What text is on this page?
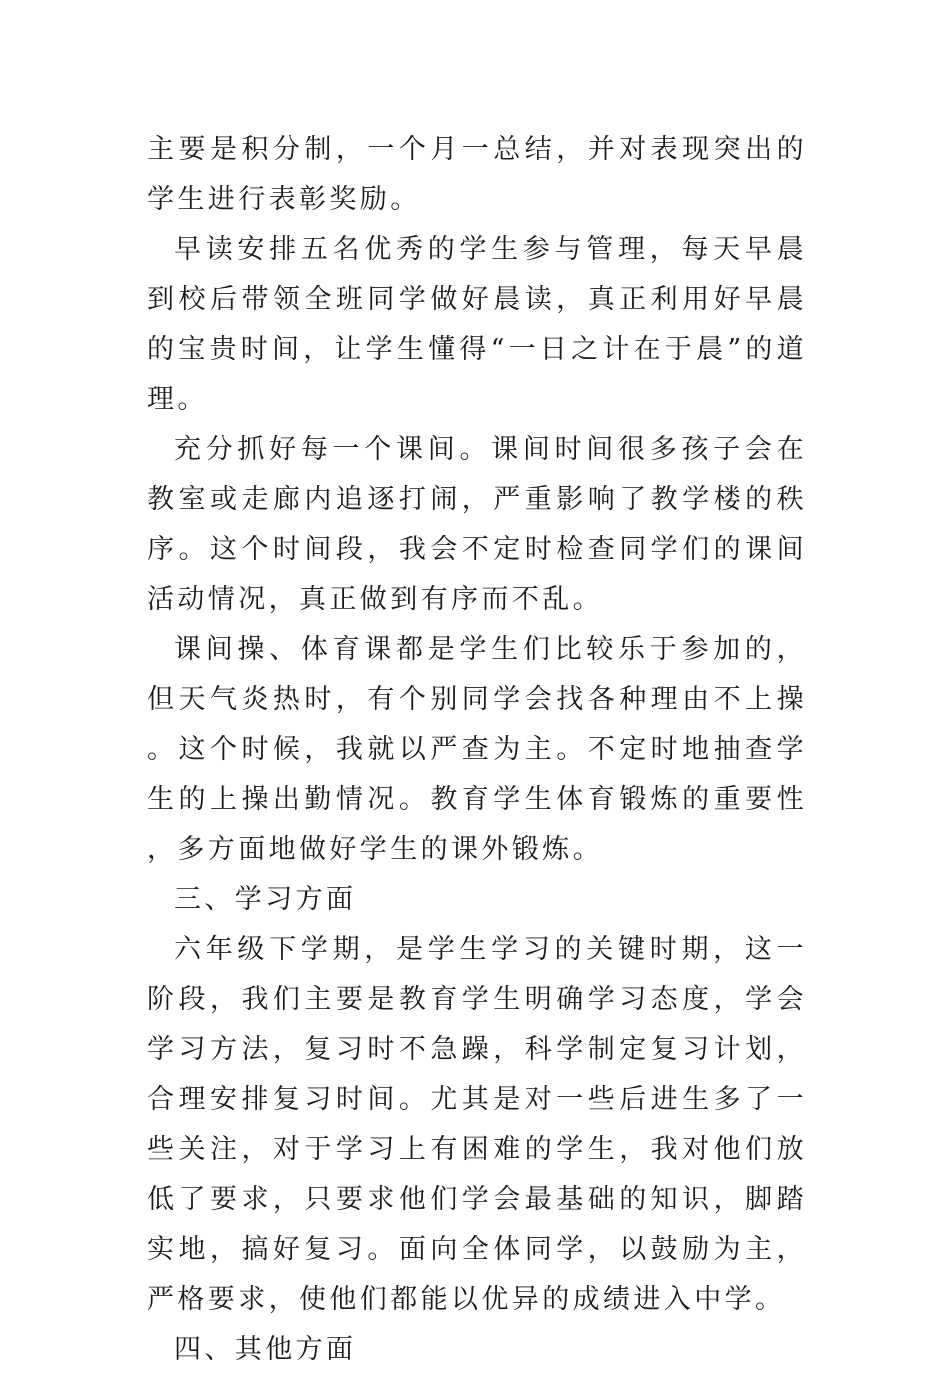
主要是积分制，一个月一总结，并对表现突出的学生进行表彰奖励。

早读安排五名优秀的学生参与管理，每天早晨到校后带领全班同学做好晨读，真正利用好早晨的宝贵时间，让学生懂得“一日之计在于晨”的道理。

充分抓好每一个课间。课间时间很多孩子会在教室或走廊内追逐打闹，严重影响了教学楼的秩序。这个时间段，我会不定时检查同学们的课间活动情况，真正做到有序而不乱。

课间操、体育课都是学生们比较乐于参加的，但天气炎热时，有个别同学会找各种理由不上操。这个时候，我就以严查为主。不定时地抽查学生的上操出勤情况。教育学生体育锻炼的重要性，多方面地做好学生的课外锻炼。

三、学习方面

六年级下学期，是学生学习的关键时期，这一阶段，我们主要是教育学生明确学习态度，学会学习方法，复习时不急躁，科学制定复习计划，合理安排复习时间。尤其是对一些后进生多了一些关注，对于学习上有困难的学生，我对他们放低了要求，只要求他们学会最基础的知识，脚踏实地，搞好复习。面向全体同学，以鼓励为主，严格要求，使他们都能以优异的成绩进入中学。

四、其他方面
